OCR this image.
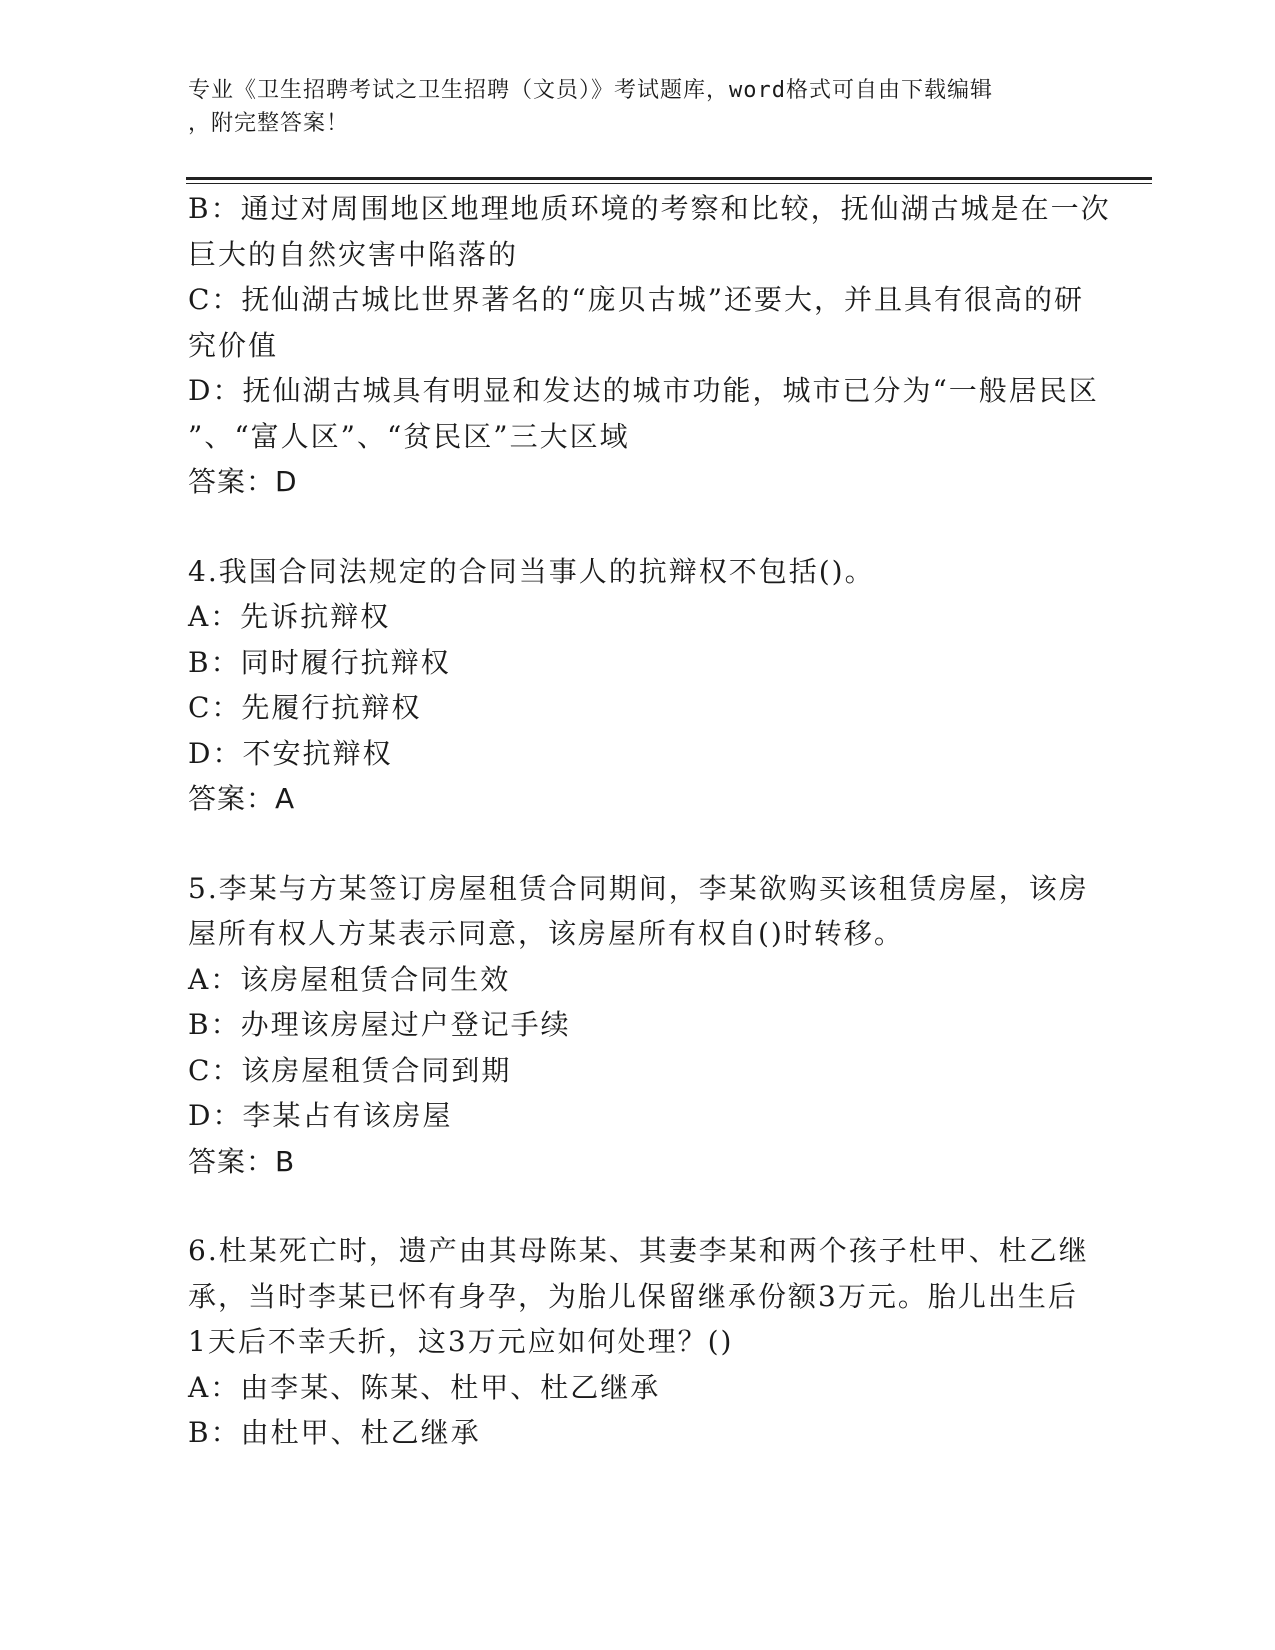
专业《卫生招聘考试之卫生招聘（文员）》考试题库，word格式可自由下载编辑
，附完整答案！
B：通过对周围地区地理地质环境的考察和比较，抚仙湖古城是在一次
巨大的自然灾害中陷落的
C：抚仙湖古城比世界著名的“庞贝古城”还要大，并且具有很高的研
究价值
D：抚仙湖古城具有明显和发达的城市功能，城市已分为“一般居民区
”、“富人区”、“贫民区”三大区域
答案：D
4.我国合同法规定的合同当事人的抗辩权不包括()。
A：先诉抗辩权
B：同时履行抗辩权
C：先履行抗辩权
D：不安抗辩权
答案：A
5.李某与方某签订房屋租赁合同期间，李某欲购买该租赁房屋，该房
屋所有权人方某表示同意，该房屋所有权自()时转移。
A：该房屋租赁合同生效
B：办理该房屋过户登记手续
C：该房屋租赁合同到期
D：李某占有该房屋
答案：B
6.杜某死亡时，遗产由其母陈某、其妻李某和两个孩子杜甲、杜乙继
承，当时李某已怀有身孕，为胎儿保留继承份额3万元。胎儿出生后
1天后不幸夭折，这3万元应如何处理？()
A：由李某、陈某、杜甲、杜乙继承
B：由杜甲、杜乙继承
